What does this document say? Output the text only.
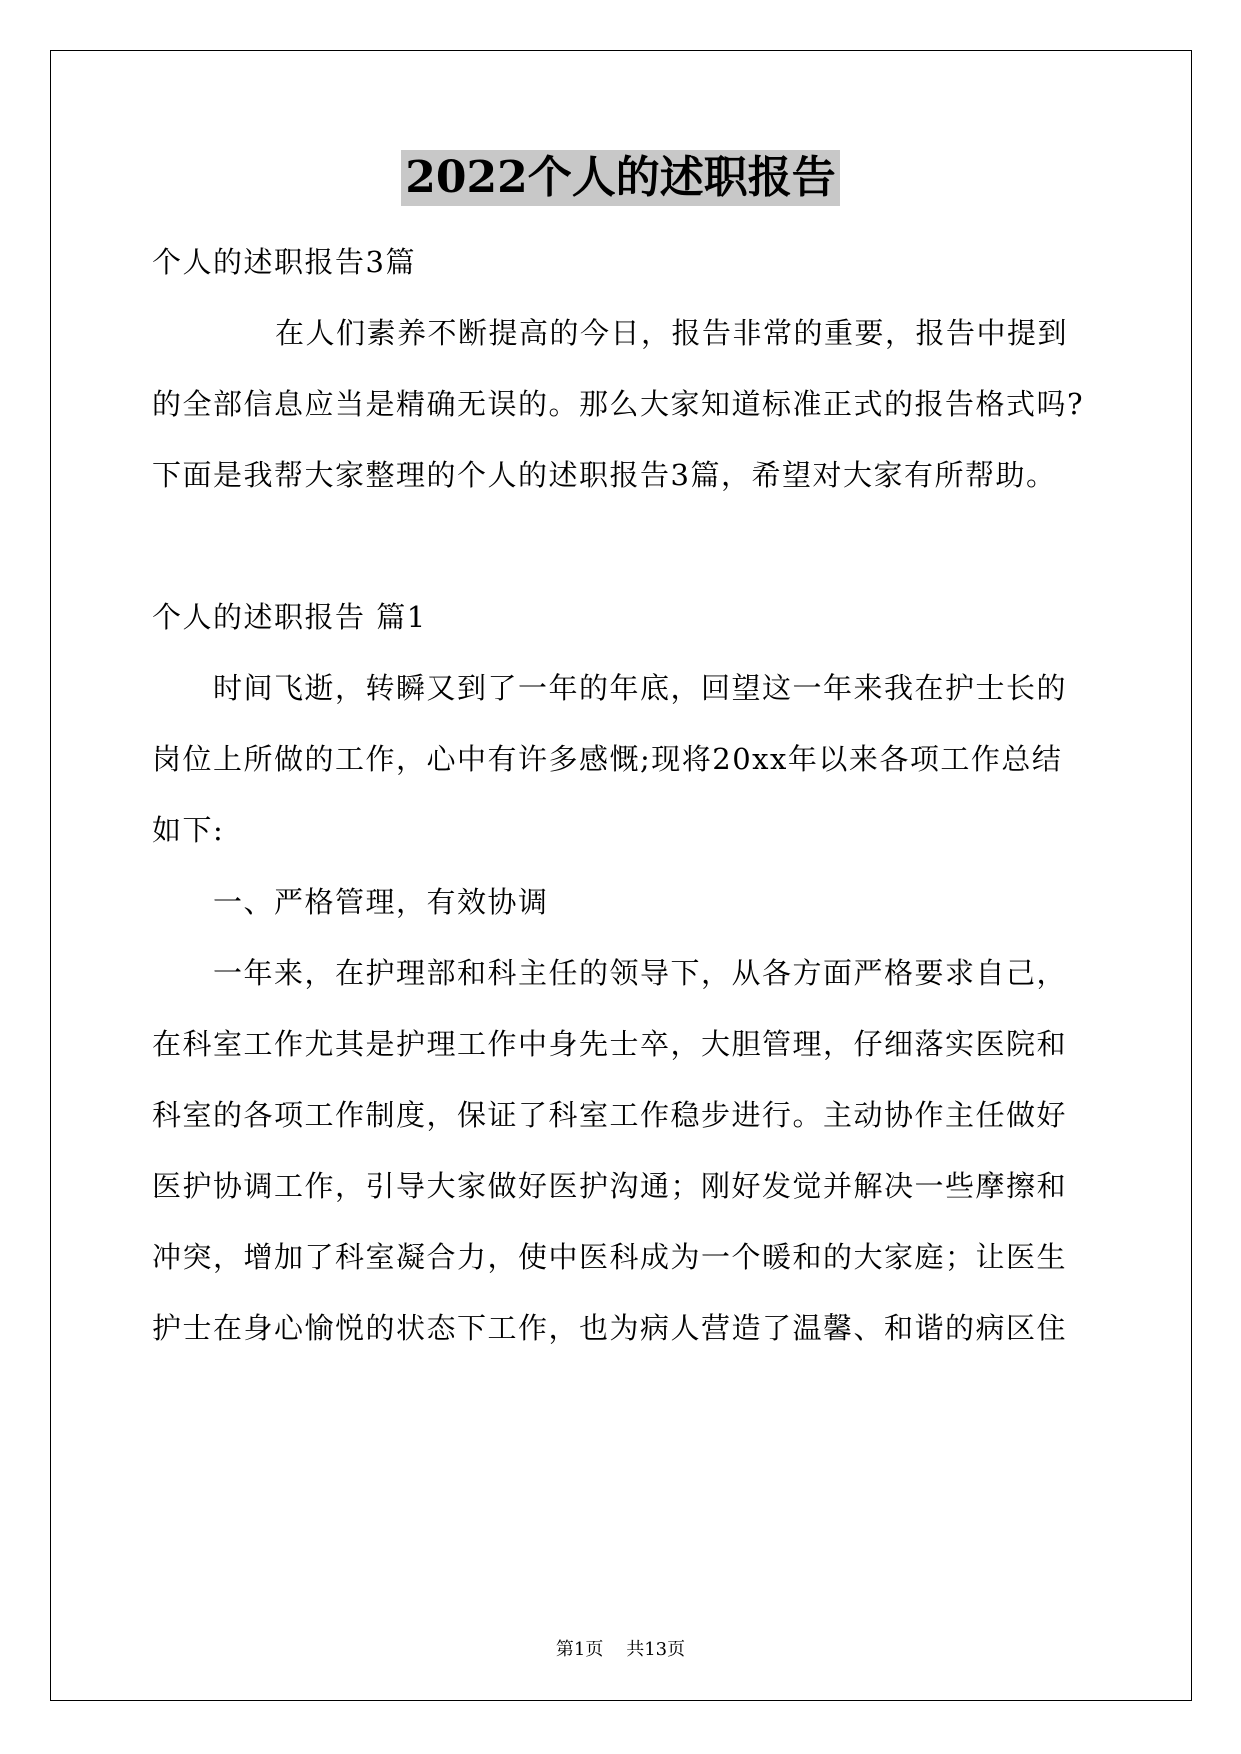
2022个人的述职报告
个人的述职报告3篇
在人们素养不断提高的今日，报告非常的重要，报告中提到
的全部信息应当是精确无误的。那么大家知道标准正式的报告格式吗?
下面是我帮大家整理的个人的述职报告3篇，希望对大家有所帮助。
个人的述职报告 篇1
时间飞逝，转瞬又到了一年的年底，回望这一年来我在护士长的
岗位上所做的工作，心中有许多感慨;现将20xx年以来各项工作总结
如下:
一、严格管理，有效协调
一年来，在护理部和科主任的领导下，从各方面严格要求自己，
在科室工作尤其是护理工作中身先士卒，大胆管理，仔细落实医院和
科室的各项工作制度，保证了科室工作稳步进行。主动协作主任做好
医护协调工作，引导大家做好医护沟通；刚好发觉并解决一些摩擦和
冲突，增加了科室凝合力，使中医科成为一个暖和的大家庭；让医生
护士在身心愉悦的状态下工作，也为病人营造了温馨、和谐的病区住
第1页 共13页
